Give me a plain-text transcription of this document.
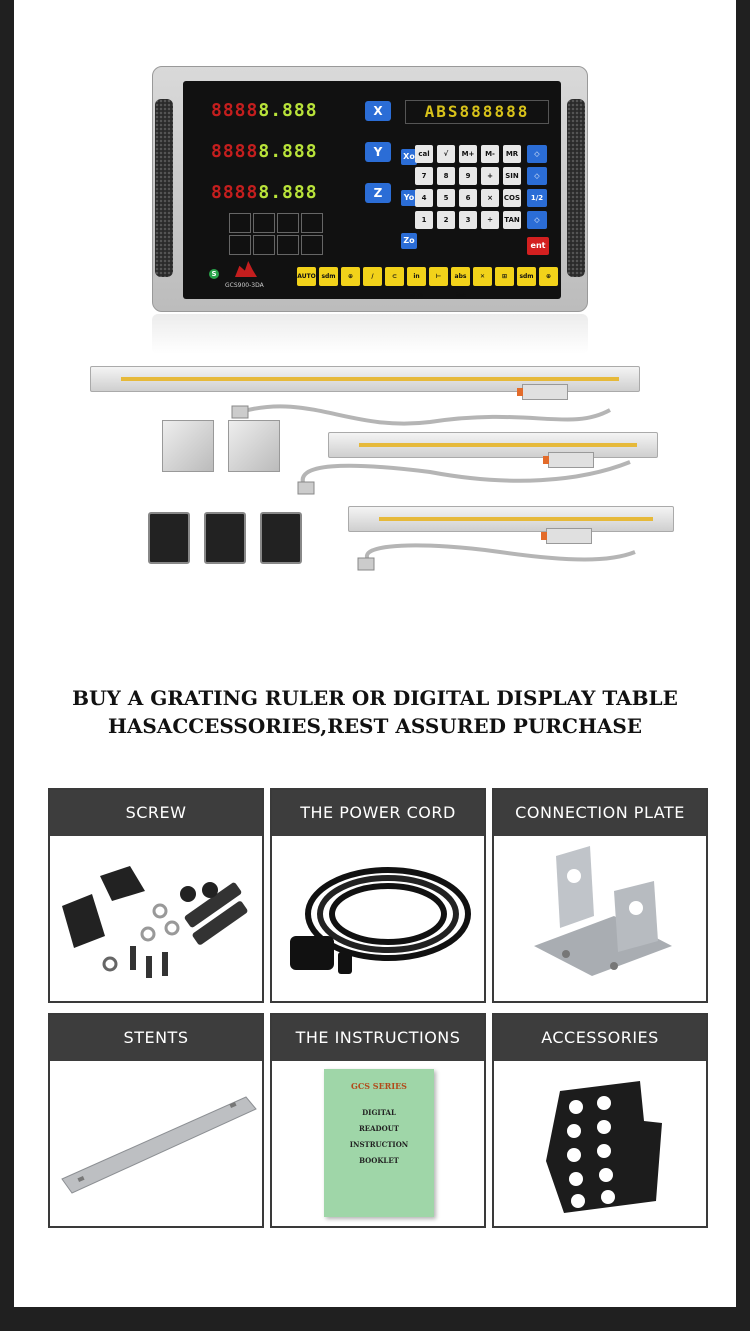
88888.888	X
88888.888	Y
88888.888	Z
Xo
Yo
Zo
ABS888888
cal	√	M+	M-	MR
7	8	9	+	SIN
4	5	6	×	COS
1	2	3	÷	TAN
◇
◇
1/2
◇
ent
AUTO sdm	⊕	/	⊂	in mm
⊢	abs inc
✕	⊞	sdm	⊕
S
GCS900-3DA
BUY A GRATING RULER OR DIGITAL DISPLAY TABLE
HASACCESSORIES,REST ASSURED PURCHASE
SCREW	THE POWER CORD	CONNECTION PLATE
STENTS	THE INSTRUCTIONS
GCS SERIES
DIGITAL
READOUT
INSTRUCTION
BOOKLET
ACCESSORIES
